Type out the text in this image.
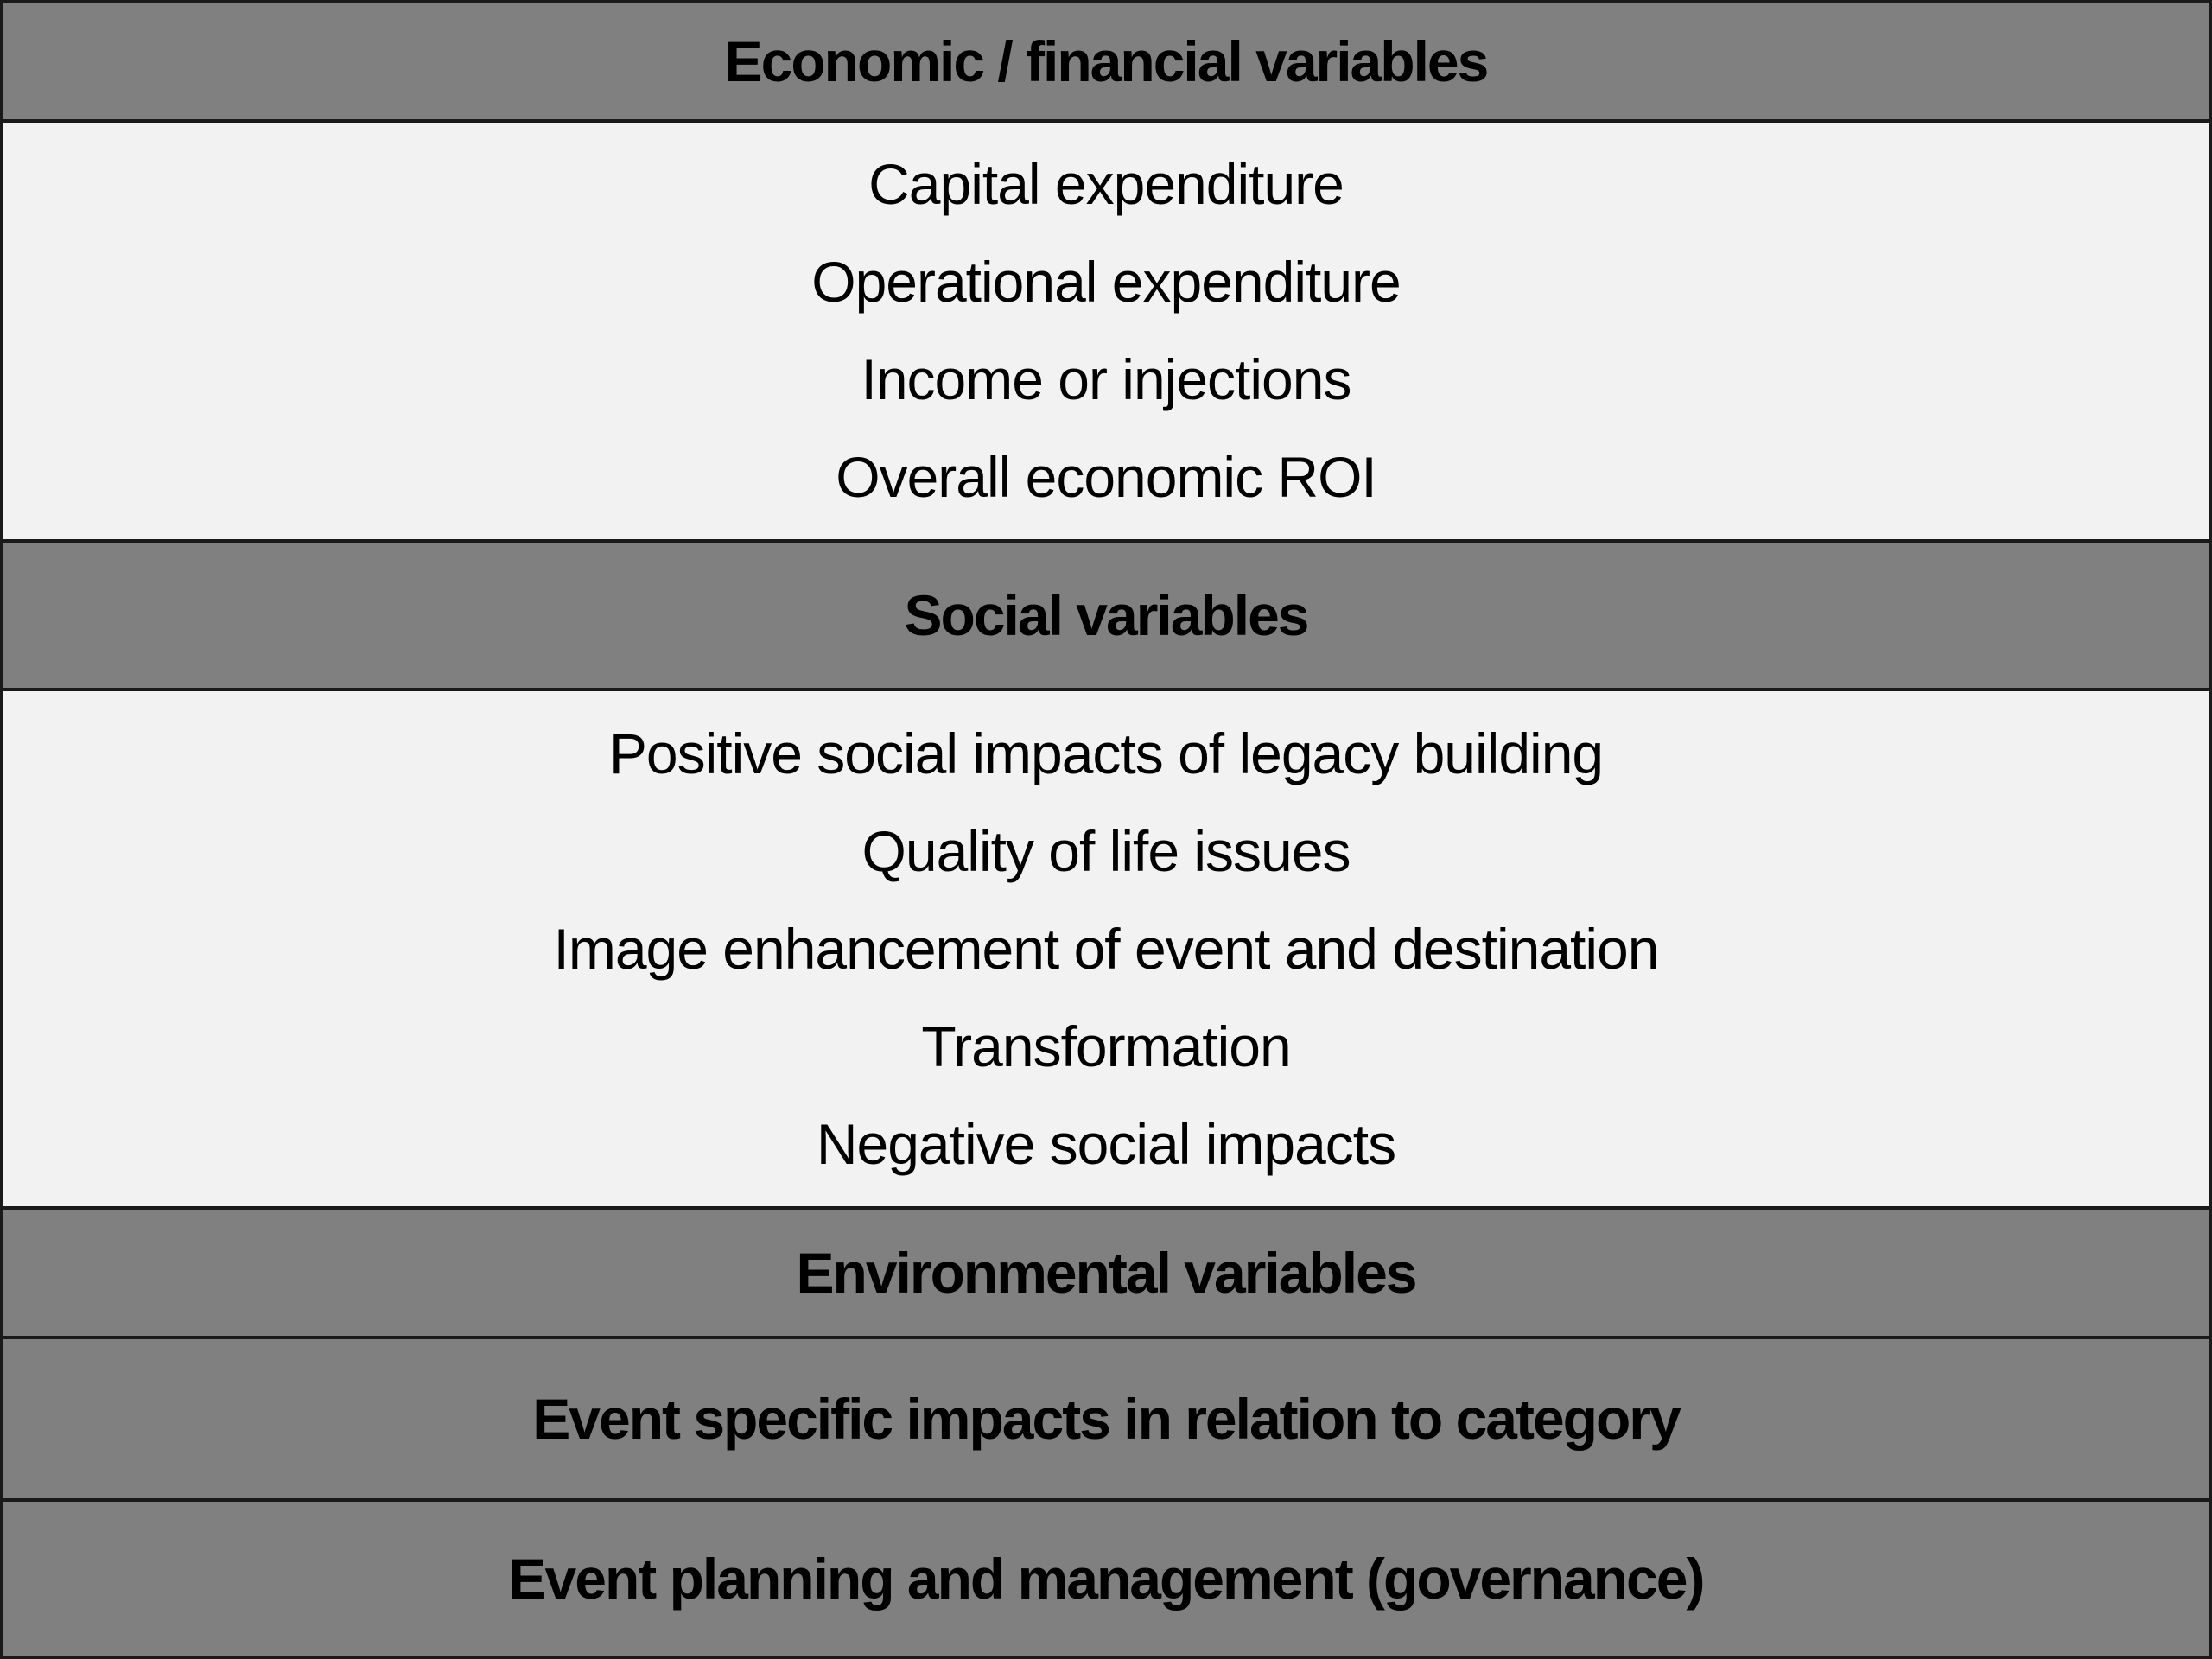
Economic / financial variables
Capital expenditure
Operational expenditure
Income or injections
Overall economic ROI
Social variables
Positive social impacts of legacy building
Quality of life issues
Image enhancement of event and destination
Transformation
Negative social impacts
Environmental variables
Event specific impacts in relation to category
Event planning and management (governance)
